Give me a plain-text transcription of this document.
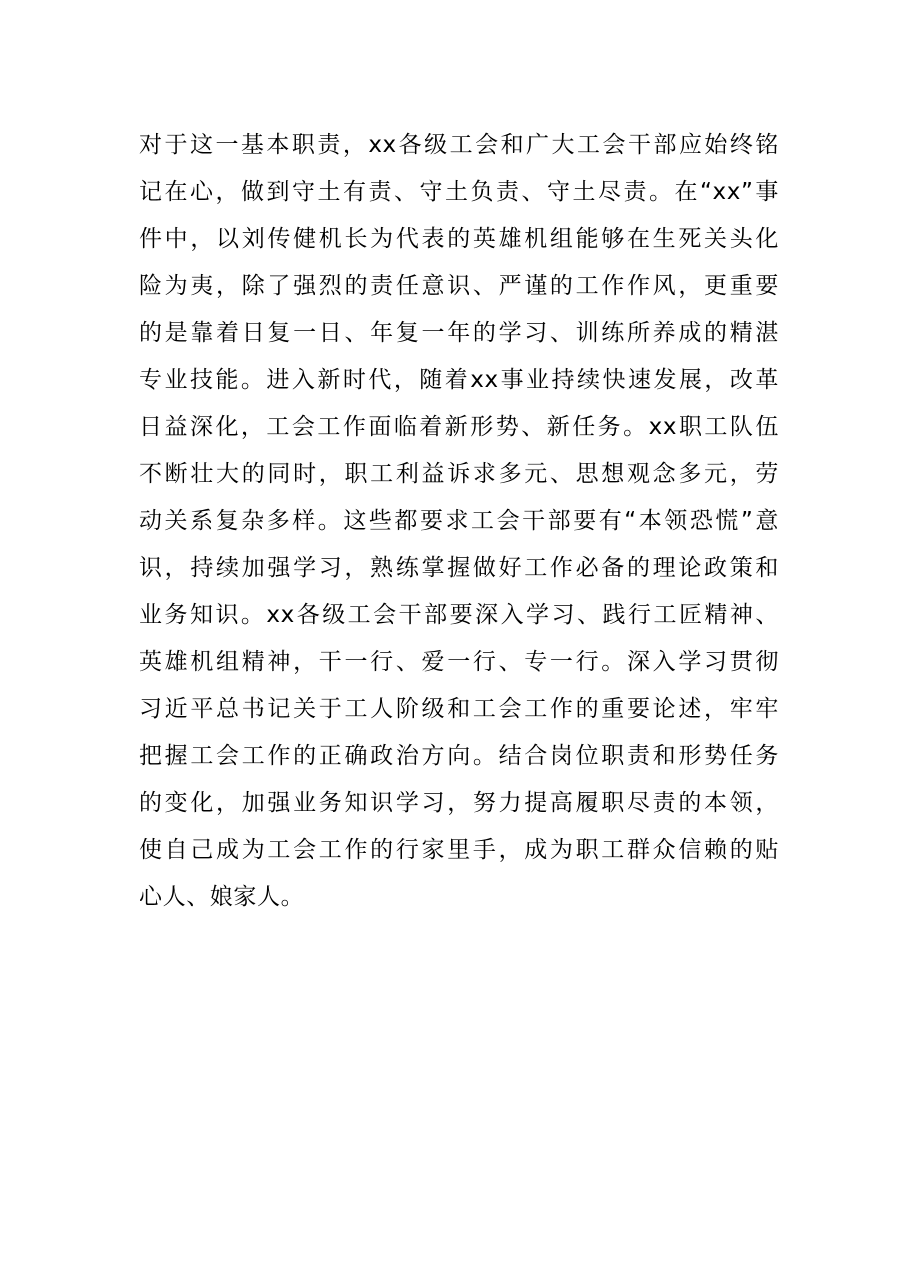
对于这一基本职责，xx各级工会和广大工会干部应始终铭
记在心，做到守土有责、守土负责、守土尽责。在“xx”事
件中，以刘传健机长为代表的英雄机组能够在生死关头化
险为夷，除了强烈的责任意识、严谨的工作作风，更重要
的是靠着日复一日、年复一年的学习、训练所养成的精湛
专业技能。进入新时代，随着xx事业持续快速发展，改革
日益深化，工会工作面临着新形势、新任务。xx职工队伍
不断壮大的同时，职工利益诉求多元、思想观念多元，劳
动关系复杂多样。这些都要求工会干部要有“本领恐慌”意
识，持续加强学习，熟练掌握做好工作必备的理论政策和
业务知识。xx各级工会干部要深入学习、践行工匠精神、
英雄机组精神，干一行、爱一行、专一行。深入学习贯彻
习近平总书记关于工人阶级和工会工作的重要论述，牢牢
把握工会工作的正确政治方向。结合岗位职责和形势任务
的变化，加强业务知识学习，努力提高履职尽责的本领，
使自己成为工会工作的行家里手，成为职工群众信赖的贴
心人、娘家人。
